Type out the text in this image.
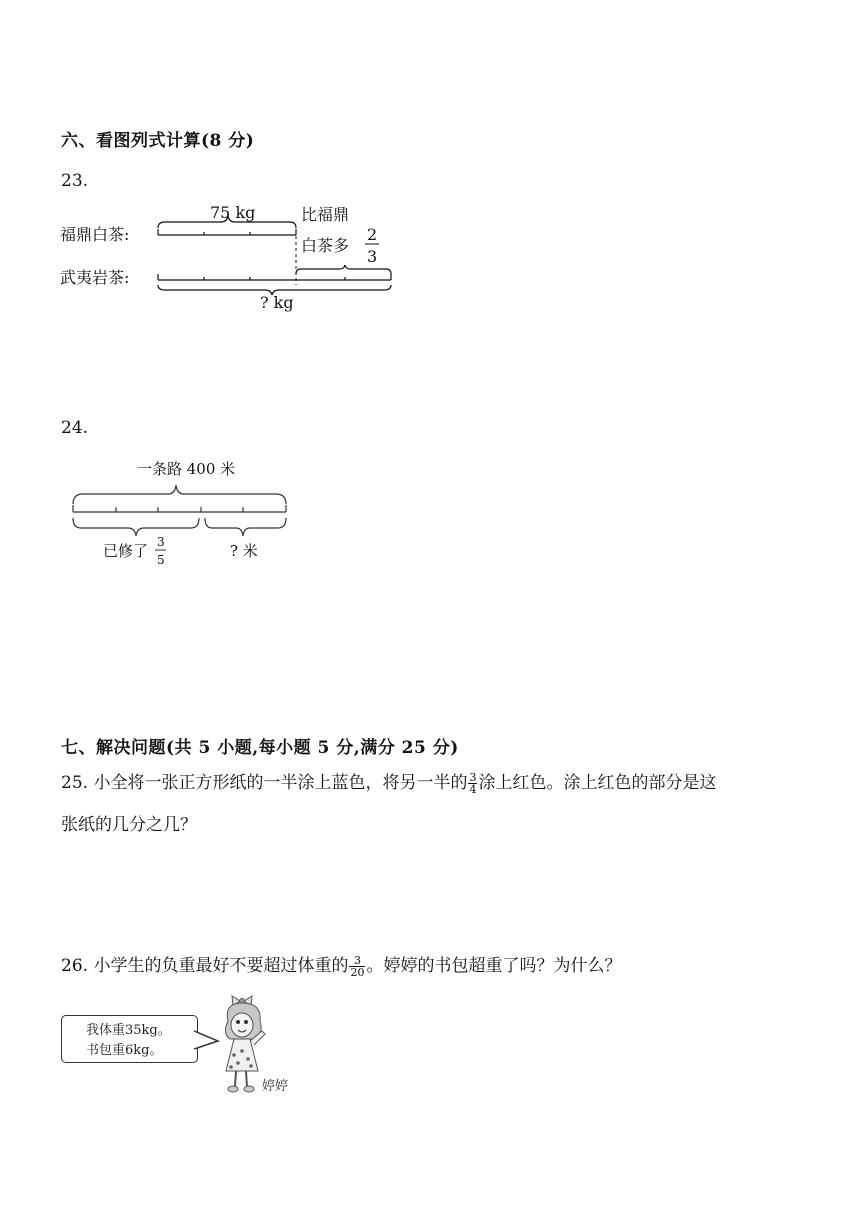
六、看图列式计算(8 分)
23.
福鼎白茶:
武夷岩茶:
75 kg	比福鼎
白茶多
2
3
? kg
24.
一条路 400 米
已修了 3
5	? 米
七、解决问题(共 5 小题,每小题 5 分,满分 25 分)
25. 小全将一张正方形纸的一半涂上蓝色，将另一半的 $\frac{3}{4}$ 涂上红色。涂上红色的部分是这
张纸的几分之几？
26. 小学生的负重最好不要超过体重的 $\frac{3}{20}$ 。婷婷的书包超重了吗？为什么？
我体重35kg。
书包重6kg。
婷婷
